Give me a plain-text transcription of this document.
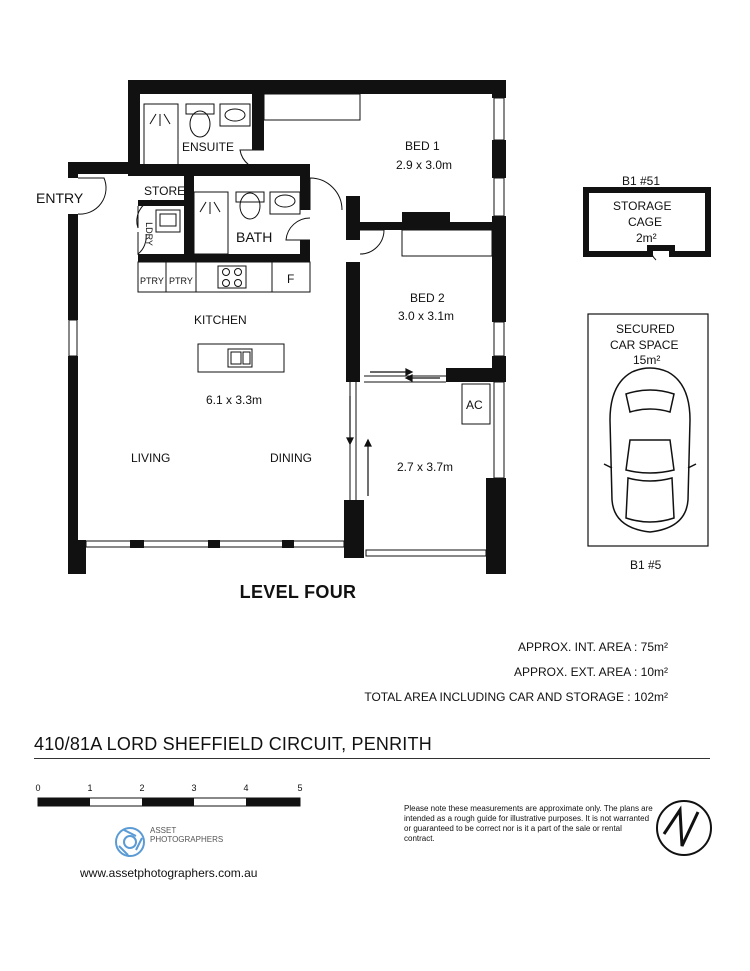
ENTRY
ENSUITE
STORE
LDRY	BATH
BED 1
2.9 x 3.0m
BED 2
3.0 x 3.1m
KITCHEN
6.1 x 3.3m
LIVING	DINING
2.7 x 3.7m
AC
PTRY PTRY	F
B1 #51
STORAGE
CAGE
2m²
SECURED
CAR SPACE
15m²
B1 #5
LEVEL FOUR
APPROX. INT. AREA : 75m²
APPROX. EXT. AREA : 10m²
TOTAL AREA INCLUDING CAR AND STORAGE : 102m²
410/81A LORD SHEFFIELD CIRCUIT, PENRITH
0	1	2	3	4	5
Please note these measurements are approximate only. The plans are intended as a rough guide for illustrative purposes. It is not warranted or guaranteed to be correct nor is it a part of the sale or rental contract.
ASSET
PHOTOGRAPHERS
www.assetphotographers.com.au
